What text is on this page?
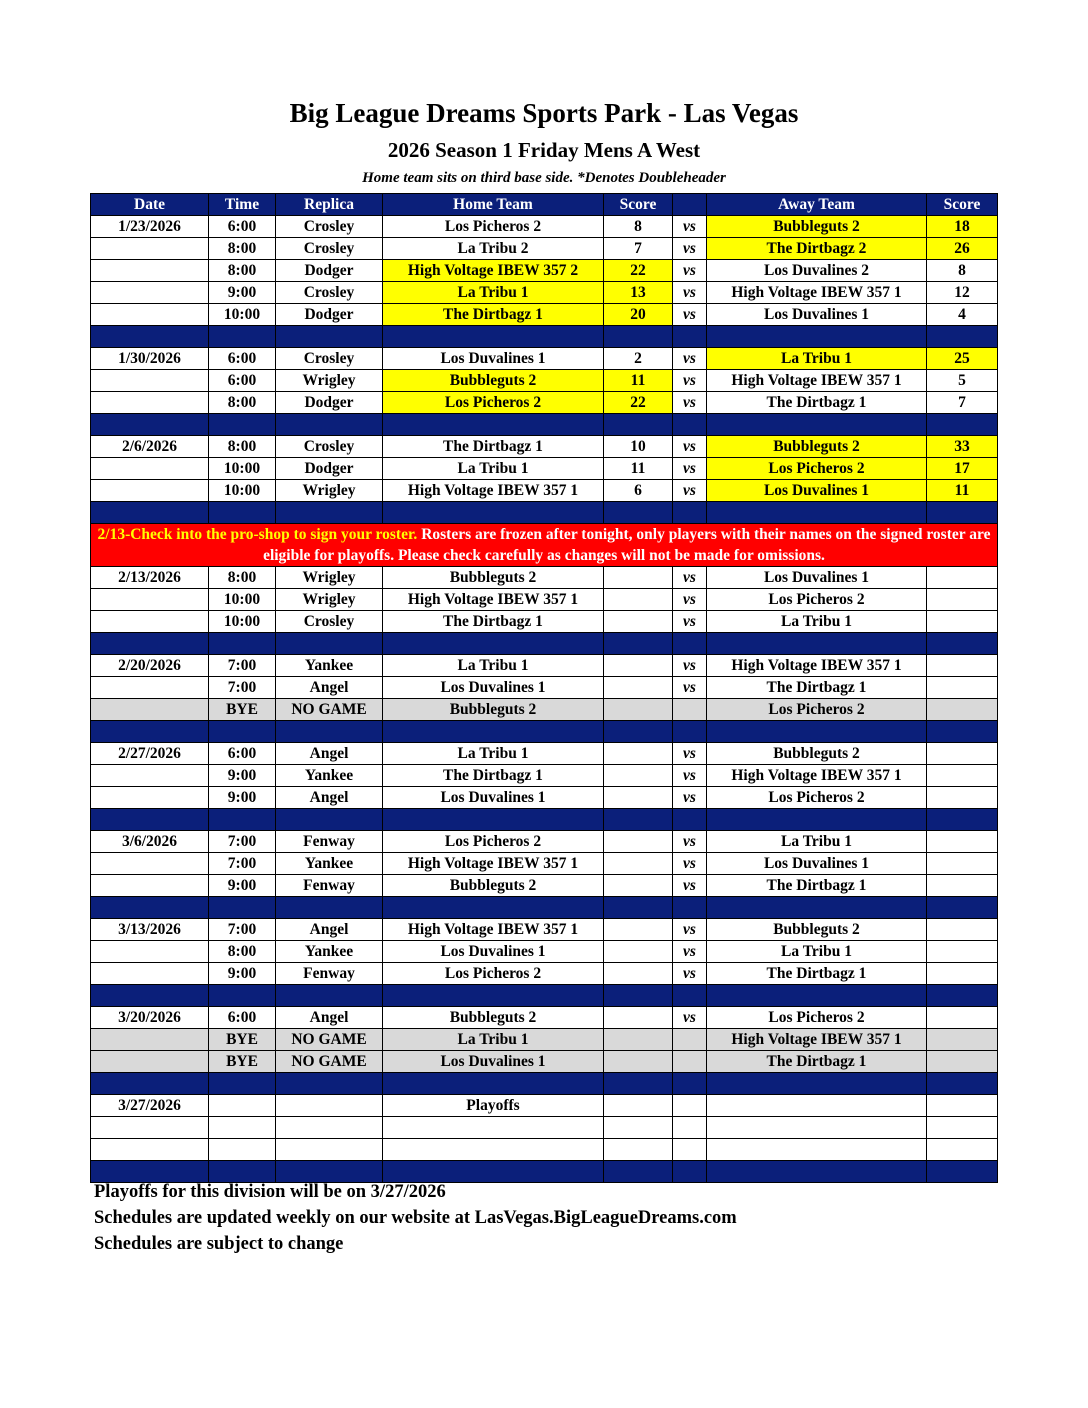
Big League Dreams Sports Park - Las Vegas
2026 Season 1 Friday Mens A West
Home team sits on third base side. *Denotes Doubleheader
Date	Time	Replica	Home Team	Score		Away Team	Score
1/23/2026	6:00	Crosley	Los Picheros 2	8	vs	Bubbleguts 2	18
	8:00	Crosley	La Tribu 2	7	vs	The Dirtbagz 2	26
	8:00	Dodger	High Voltage IBEW 357 2	22	vs	Los Duvalines 2	8
	9:00	Crosley	La Tribu 1	13	vs	High Voltage IBEW 357 1	12
	10:00	Dodger	The Dirtbagz 1	20	vs	Los Duvalines 1	4

1/30/2026	6:00	Crosley	Los Duvalines 1	2	vs	La Tribu 1	25
	6:00	Wrigley	Bubbleguts 2	11	vs	High Voltage IBEW 357 1	5
	8:00	Dodger	Los Picheros 2	22	vs	The Dirtbagz 1	7

2/6/2026	8:00	Crosley	The Dirtbagz 1	10	vs	Bubbleguts 2	33
	10:00	Dodger	La Tribu 1	11	vs	Los Picheros 2	17
	10:00	Wrigley	High Voltage IBEW 357 1	6	vs	Los Duvalines 1	11

2/13-Check into the pro-shop to sign your roster. Rosters are frozen after tonight, only players with their names on the signed roster are eligible for playoffs. Please check carefully as changes will not be made for omissions.							
2/13/2026	8:00	Wrigley	Bubbleguts 2		vs	Los Duvalines 1	
	10:00	Wrigley	High Voltage IBEW 357 1		vs	Los Picheros 2	
	10:00	Crosley	The Dirtbagz 1		vs	La Tribu 1	

2/20/2026	7:00	Yankee	La Tribu 1		vs	High Voltage IBEW 357 1	
	7:00	Angel	Los Duvalines 1		vs	The Dirtbagz 1	
	BYE	NO GAME	Bubbleguts 2			Los Picheros 2	

2/27/2026	6:00	Angel	La Tribu 1		vs	Bubbleguts 2	
	9:00	Yankee	The Dirtbagz 1		vs	High Voltage IBEW 357 1	
	9:00	Angel	Los Duvalines 1		vs	Los Picheros 2	

3/6/2026	7:00	Fenway	Los Picheros 2		vs	La Tribu 1	
	7:00	Yankee	High Voltage IBEW 357 1		vs	Los Duvalines 1	
	9:00	Fenway	Bubbleguts 2		vs	The Dirtbagz 1	

3/13/2026	7:00	Angel	High Voltage IBEW 357 1		vs	Bubbleguts 2	
	8:00	Yankee	Los Duvalines 1		vs	La Tribu 1	
	9:00	Fenway	Los Picheros 2		vs	The Dirtbagz 1	

3/20/2026	6:00	Angel	Bubbleguts 2		vs	Los Picheros 2	
	BYE	NO GAME	La Tribu 1			High Voltage IBEW 357 1	
	BYE	NO GAME	Los Duvalines 1			The Dirtbagz 1	

3/27/2026			Playoffs				

Playoffs for this division will be on 3/27/2026
Schedules are updated weekly on our website at LasVegas.BigLeagueDreams.com
Schedules are subject to change
